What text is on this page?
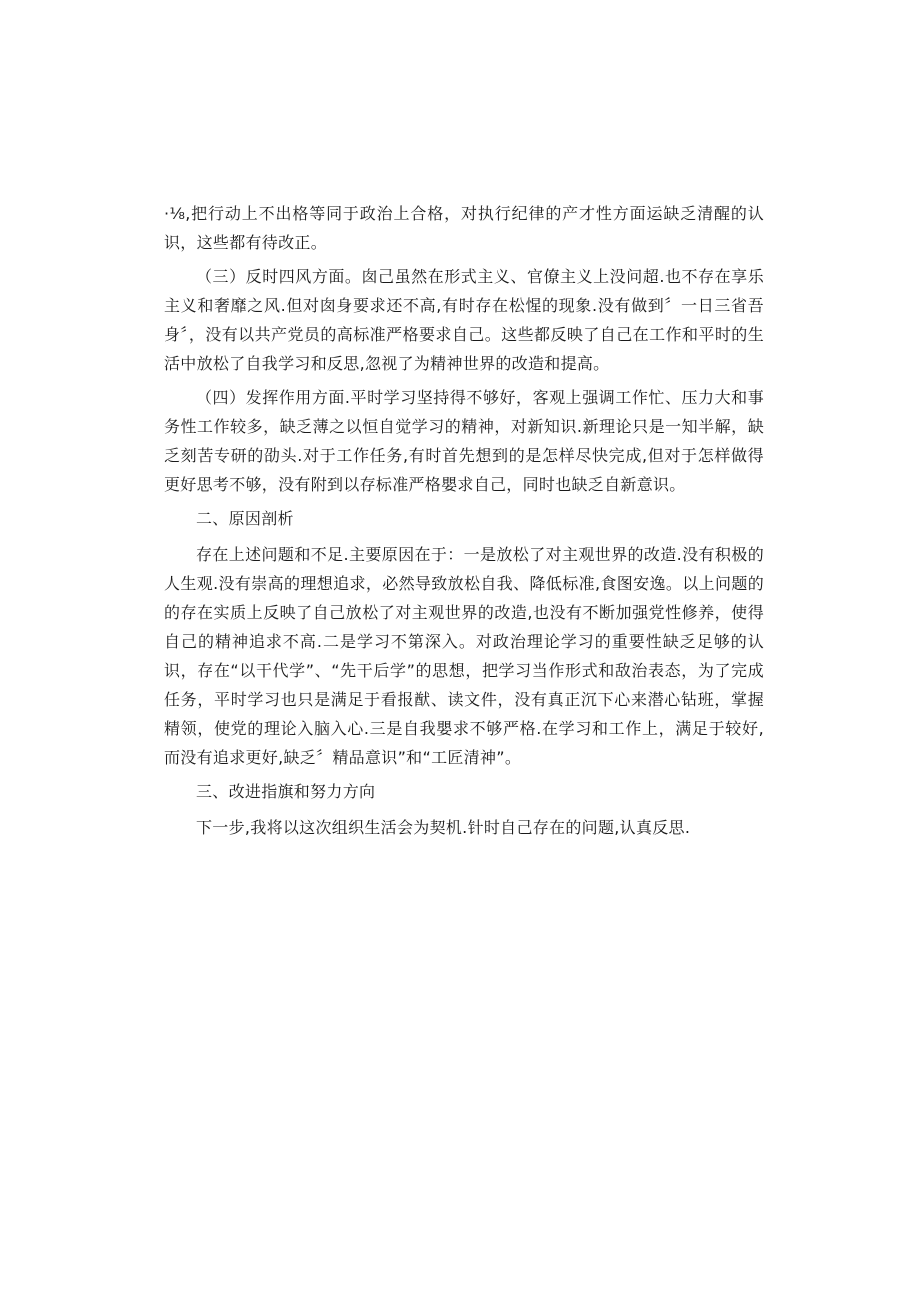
·⅛,把行动上不出格等同于政治上合格，对执行纪律的产才性方面运缺乏清醒的认识，这些都有待改正。

（三）反时四风方面。囱己虽然在形式主义、官僚主义上没问超.也不存在享乐主义和奢靡之风.但对囱身要求还不高,有时存在松惺的现象.没有做到〞一日三省吾身〞，没有以共产党员的高标准严格要求自己。这些都反映了自己在工作和平时的生活中放松了自我学习和反思,忽视了为精神世界的改造和提高。

（四）发挥作用方面.平时学习坚持得不够好，客观上强调工作忙、压力大和事务性工作较多，缺乏薄之以恒自觉学习的精神，对新知识.新理论只是一知半解，缺乏刻苦专研的劭头.对于工作任务,有时首先想到的是怎样尽快完成,但对于怎样做得更好思考不够，没有附到以存标准严格嬰求自己，同时也缺乏自新意识。

二、原因剖析

存在上述问题和不足.主要原因在于：一是放松了对主观世界的改造.没有积极的人生观.没有崇高的理想追求，必然导致放松自我、降低标准,食图安逸。以上问题的的存在实质上反映了自己放松了对主观世界的改造,也没有不断加强党性修养，使得自己的精神追求不高.二是学习不第深入。对政治理论学习的重要性缺乏足够的认识，存在“以干代学”、“先干后学”的思想，把学习当作形式和敌治表态，为了完成任务，平时学习也只是满足于看报猷、读文件，没有真正沉下心来潜心钻班，掌握精领，使党的理论入脑入心.三是自我嬰求不够严格.在学习和工作上，满足于较好,而没有追求更好,缺乏〞精品意识”和“工匠清神”。

三、改进指旗和努力方向

下一步,我将以这次组织生活会为契机.针时自己存在的问题,认真反思.
